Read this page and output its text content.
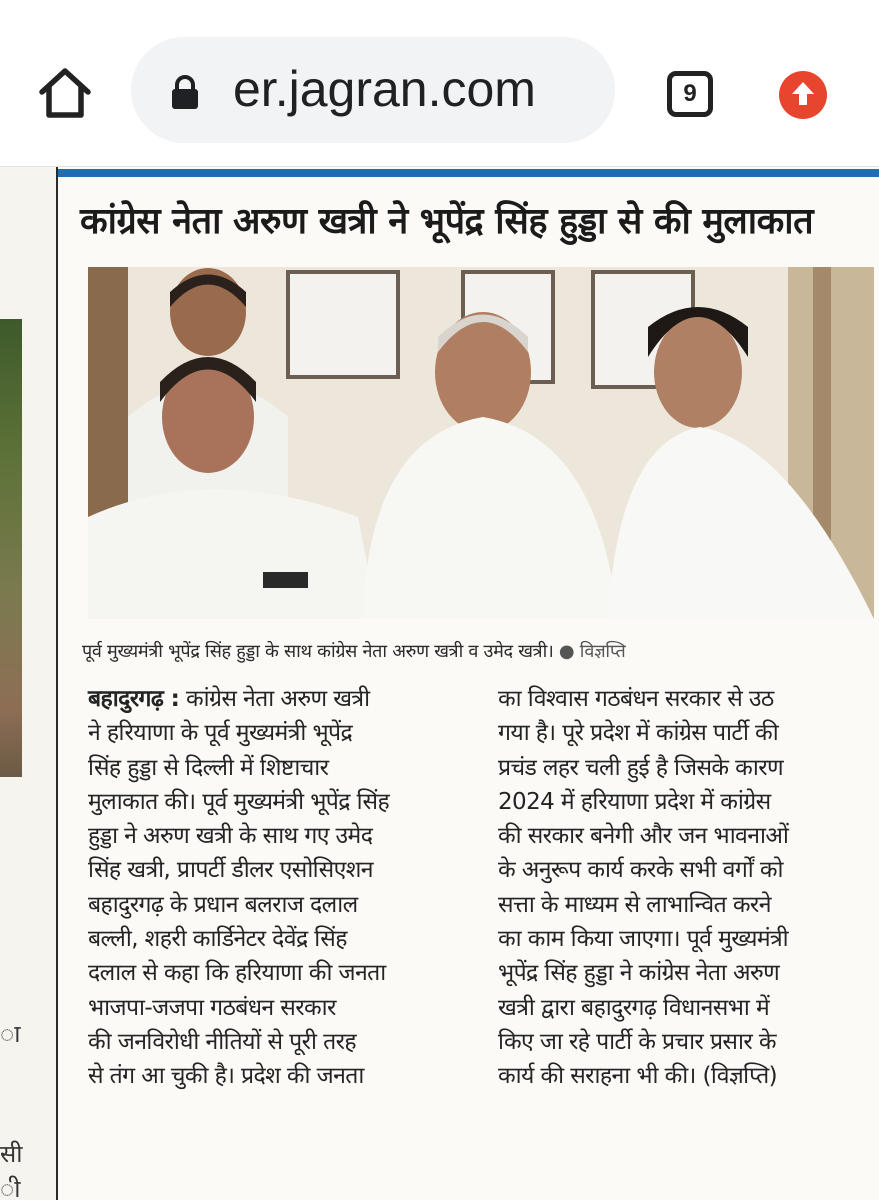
er.jagran.com	9
ा
सी
ी
कांग्रेस नेता अरुण खत्री ने भूपेंद्र सिंह हुड्डा से की मुलाकात
पूर्व मुख्यमंत्री भूपेंद्र सिंह हुड्डा के साथ कांग्रेस नेता अरुण खत्री व उमेद खत्री। ● विज्ञप्ति

बहादुरगढ़ : कांग्रेस नेता अरुण खत्री

ने हरियाणा के पूर्व मुख्यमंत्री भूपेंद्र

सिंह हुड्डा से दिल्ली में शिष्टाचार

मुलाकात की। पूर्व मुख्यमंत्री भूपेंद्र सिंह

हुड्डा ने अरुण खत्री के साथ गए उमेद

सिंह खत्री, प्रापर्टी डीलर एसोसिएशन

बहादुरगढ़ के प्रधान बलराज दलाल

बल्ली, शहरी कार्डिनेटर देवेंद्र सिंह

दलाल से कहा कि हरियाणा की जनता

भाजपा-जजपा गठबंधन सरकार

की जनविरोधी नीतियों से पूरी तरह

से तंग आ चुकी है। प्रदेश की जनता

का विश्वास गठबंधन सरकार से उठ

गया है। पूरे प्रदेश में कांग्रेस पार्टी की

प्रचंड लहर चली हुई है जिसके कारण

2024 में हरियाणा प्रदेश में कांग्रेस

की सरकार बनेगी और जन भावनाओं

के अनुरूप कार्य करके सभी वर्गों को

सत्ता के माध्यम से लाभान्वित करने

का काम किया जाएगा। पूर्व मुख्यमंत्री

भूपेंद्र सिंह हुड्डा ने कांग्रेस नेता अरुण

खत्री द्वारा बहादुरगढ़ विधानसभा में

किए जा रहे पार्टी के प्रचार प्रसार के

कार्य की सराहना भी की। (विज्ञप्ति)
